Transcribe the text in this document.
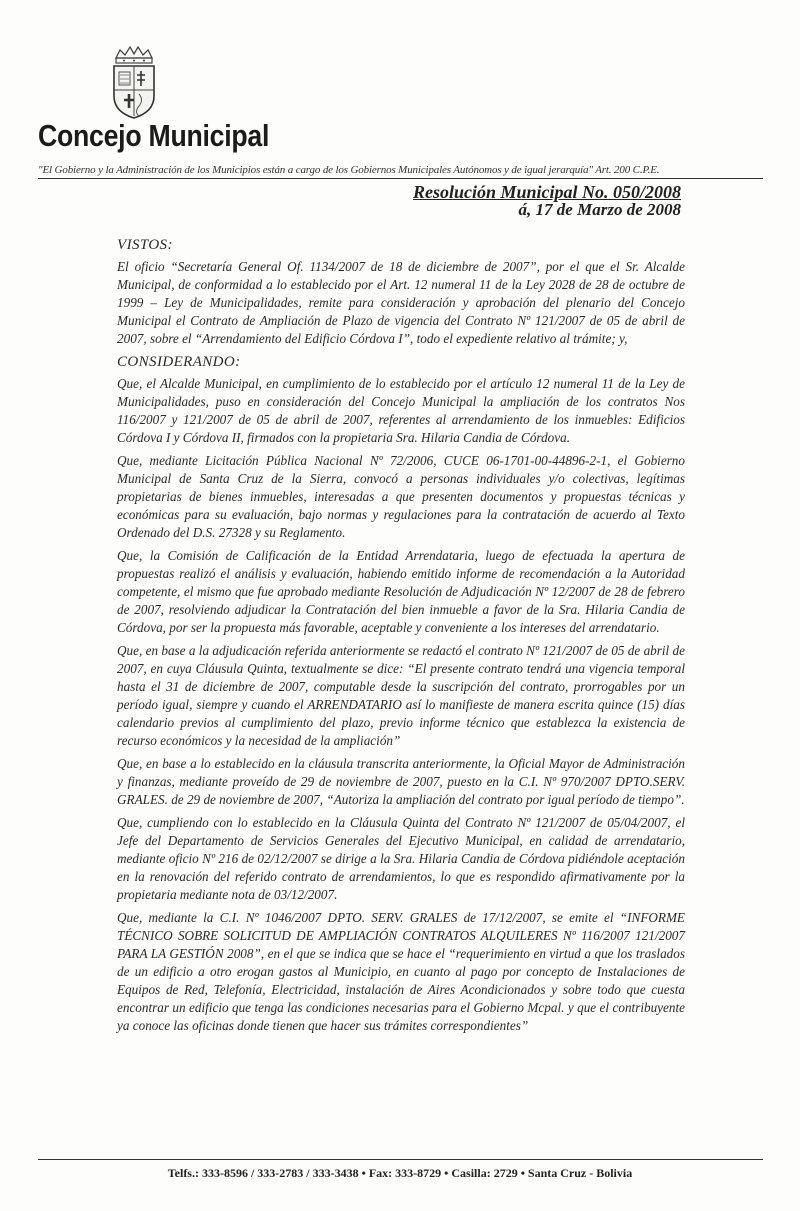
Concejo Municipal
"El Gobierno y la Administración de los Municipios están a cargo de los Gobiernos Municipales Autónomos y de igual jerarquía" Art. 200 C.P.E.
Resolución Municipal No. 050/2008
á, 17 de Marzo de 2008
VISTOS:

El oficio “Secretaría General Of. 1134/2007 de 18 de diciembre de 2007”, por el que el Sr. Alcalde Municipal, de conformidad a lo establecido por el Art. 12 numeral 11 de la Ley 2028 de 28 de octubre de 1999 – Ley de Municipalidades, remite para consideración y aprobación del plenario del Concejo Municipal el Contrato de Ampliación de Plazo de vigencia del Contrato Nº 121/2007 de 05 de abril de 2007, sobre el “Arrendamiento del Edificio Córdova I”, todo el expediente relativo al trámite; y,

CONSIDERANDO:

Que, el Alcalde Municipal, en cumplimiento de lo establecido por el artículo 12 numeral 11 de la Ley de Municipalidades, puso en consideración del Concejo Municipal la ampliación de los contratos Nos 116/2007 y 121/2007 de 05 de abril de 2007, referentes al arrendamiento de los inmuebles: Edificios Córdova I y Córdova II, firmados con la propietaria Sra. Hilaria Candia de Córdova.

Que, mediante Licitación Pública Nacional Nº 72/2006, CUCE 06-1701-00-44896-2-1, el Gobierno Municipal de Santa Cruz de la Sierra, convocó a personas individuales y/o colectivas, legítimas propietarias de bienes inmuebles, interesadas a que presenten documentos y propuestas técnicas y económicas para su evaluación, bajo normas y regulaciones para la contratación de acuerdo al Texto Ordenado del D.S. 27328 y su Reglamento.

Que, la Comisión de Calificación de la Entidad Arrendataria, luego de efectuada la apertura de propuestas realizó el análisis y evaluación, habiendo emitido informe de recomendación a la Autoridad competente, el mismo que fue aprobado mediante Resolución de Adjudicación Nº 12/2007 de 28 de febrero de 2007, resolviendo adjudicar la Contratación del bien inmueble a favor de la Sra. Hilaria Candia de Córdova, por ser la propuesta más favorable, aceptable y conveniente a los intereses del arrendatario.

Que, en base a la adjudicación referida anteriormente se redactó el contrato Nº 121/2007 de 05 de abril de 2007, en cuya Cláusula Quinta, textualmente se dice: “El presente contrato tendrá una vigencia temporal hasta el 31 de diciembre de 2007, computable desde la suscripción del contrato, prorrogables por un período igual, siempre y cuando el ARRENDATARIO así lo manifieste de manera escrita quince (15) días calendario previos al cumplimiento del plazo, previo informe técnico que establezca la existencia de recurso económicos y la necesidad de la ampliación”

Que, en base a lo establecido en la cláusula transcrita anteriormente, la Oficial Mayor de Administración y finanzas, mediante proveído de 29 de noviembre de 2007, puesto en la C.I. Nº 970/2007 DPTO.SERV. GRALES. de 29 de noviembre de 2007, “Autoriza la ampliación del contrato por igual período de tiempo”.

Que, cumpliendo con lo establecido en la Cláusula Quinta del Contrato Nº 121/2007 de 05/04/2007, el Jefe del Departamento de Servicios Generales del Ejecutivo Municipal, en calidad de arrendatario, mediante oficio Nº 216 de 02/12/2007 se dirige a la Sra. Hilaria Candia de Córdova pidiéndole aceptación en la renovación del referido contrato de arrendamientos, lo que es respondido afirmativamente por la propietaria mediante nota de 03/12/2007.

Que, mediante la C.I. Nº 1046/2007 DPTO. SERV. GRALES de 17/12/2007, se emite el “INFORME TÉCNICO SOBRE SOLICITUD DE AMPLIACIÓN CONTRATOS ALQUILERES Nº 116/2007 121/2007 PARA LA GESTIÓN 2008”, en el que se indica que se hace el “requerimiento en virtud a que los traslados de un edificio a otro erogan gastos al Municipio, en cuanto al pago por concepto de Instalaciones de Equipos de Red, Telefonía, Electricidad, instalación de Aires Acondicionados y sobre todo que cuesta encontrar un edificio que tenga las condiciones necesarias para el Gobierno Mcpal. y que el contribuyente ya conoce las oficinas donde tienen que hacer sus trámites correspondientes”

Telfs.: 333-8596 / 333-2783 / 333-3438 • Fax: 333-8729 • Casilla: 2729 • Santa Cruz - Bolivia
